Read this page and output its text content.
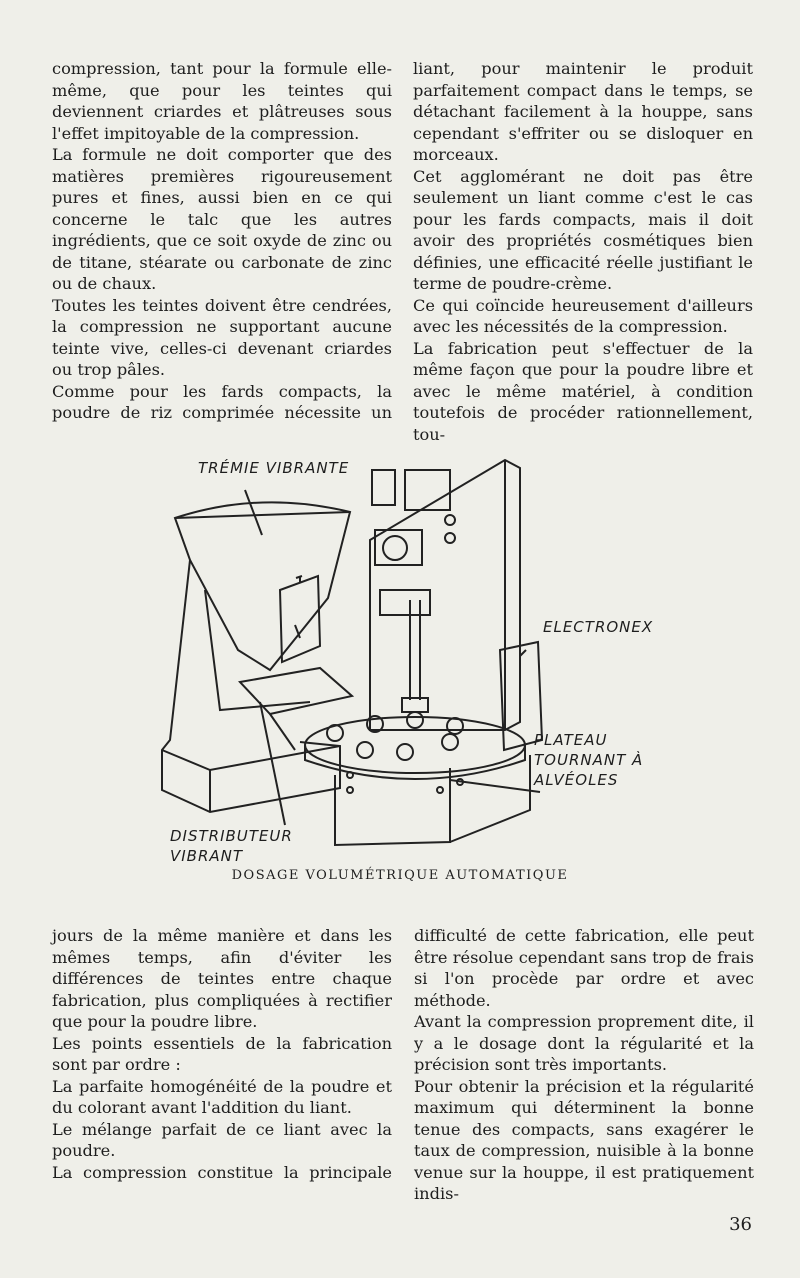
compression, tant pour la formule elle-même, que pour les teintes qui deviennent criardes et plâtreuses sous l'effet impitoyable de la compression.

La formule ne doit comporter que des matières premières rigoureusement pures et fines, aussi bien en ce qui concerne le talc que les autres ingrédients, que ce soit oxyde de zinc ou de titane, stéarate ou carbonate de zinc ou de chaux.

Toutes les teintes doivent être cendrées, la compression ne supportant aucune teinte vive, celles-ci devenant criardes ou trop pâles.

Comme pour les fards compacts, la poudre de riz comprimée nécessite un

liant, pour maintenir le produit parfaitement compact dans le temps, se détachant facilement à la houppe, sans cependant s'effriter ou se disloquer en morceaux.

Cet agglomérant ne doit pas être seulement un liant comme c'est le cas pour les fards compacts, mais il doit avoir des propriétés cosmétiques bien définies, une efficacité réelle justifiant le terme de poudre-crème.

Ce qui coïncide heureusement d'ailleurs avec les nécessités de la compression.

La fabrication peut s'effectuer de la même façon que pour la poudre libre et avec le même matériel, à condition toutefois de procéder rationnellement, tou-

TRÉMIE VIBRANTE
ELECTRONEX
PLATEAU TOURNANT À ALVÉOLES
DISTRIBUTEUR VIBRANT
DOSAGE VOLUMÉTRIQUE AUTOMATIQUE

jours de la même manière et dans les mêmes temps, afin d'éviter les différences de teintes entre chaque fabrication, plus compliquées à rectifier que pour la poudre libre.

Les points essentiels de la fabrication sont par ordre :

La parfaite homogénéité de la poudre et du colorant avant l'addition du liant.

Le mélange parfait de ce liant avec la poudre.

La compression constitue la principale

difficulté de cette fabrication, elle peut être résolue cependant sans trop de frais si l'on procède par ordre et avec méthode.

Avant la compression proprement dite, il y a le dosage dont la régularité et la précision sont très importants.

Pour obtenir la précision et la régularité maximum qui déterminent la bonne tenue des compacts, sans exagérer le taux de compression, nuisible à la bonne venue sur la houppe, il est pratiquement indis-

36
